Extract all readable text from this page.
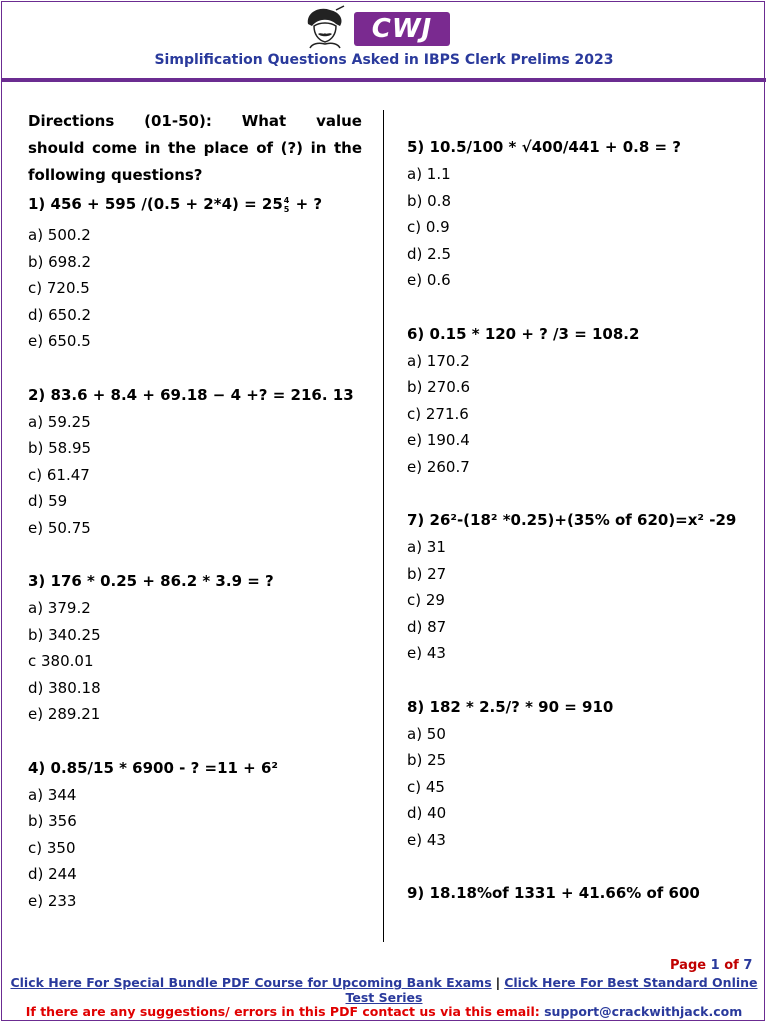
CWJ
Simplification Questions Asked in IBPS Clerk Prelims 2023
Directions (01-50): What value
should come in the place of (?) in the following questions?
1) 456 + 595 /(0.5 + 2*4) = 25 4
5 + ?
a) 500.2
b) 698.2
c) 720.5
d) 650.2
e) 650.5
2) 83.6 + 8.4 + 69.18 − 4 +? = 216. 13
a) 59.25
b) 58.95
c) 61.47
d) 59
e) 50.75
3) 176 * 0.25 + 86.2 * 3.9 = ?
a) 379.2
b) 340.25
c 380.01
d) 380.18
e) 289.21
4) 0.85/15 * 6900 - ? =11 + 6²
a) 344
b) 356
c) 350
d) 244
e) 233
5) 10.5/100 * √400/441 + 0.8 = ?
a) 1.1
b) 0.8
c) 0.9
d) 2.5
e) 0.6
6) 0.15 * 120 + ? /3 = 108.2
a) 170.2
b) 270.6
c) 271.6
e) 190.4
e) 260.7
7) 26²-(18² *0.25)+(35% of 620)=x² -29
a) 31
b) 27
c) 29
d) 87
e) 43
8) 182 * 2.5/? * 90 = 910
a) 50
b) 25
c) 45
d) 40
e) 43
9) 18.18%of 1331 + 41.66% of 600
Page 1 of 7
Click Here For Special Bundle PDF Course for Upcoming Bank Exams | Click Here For Best Standard Online Test Series
If there are any suggestions/ errors in this PDF contact us via this email: support@crackwithjack.com
